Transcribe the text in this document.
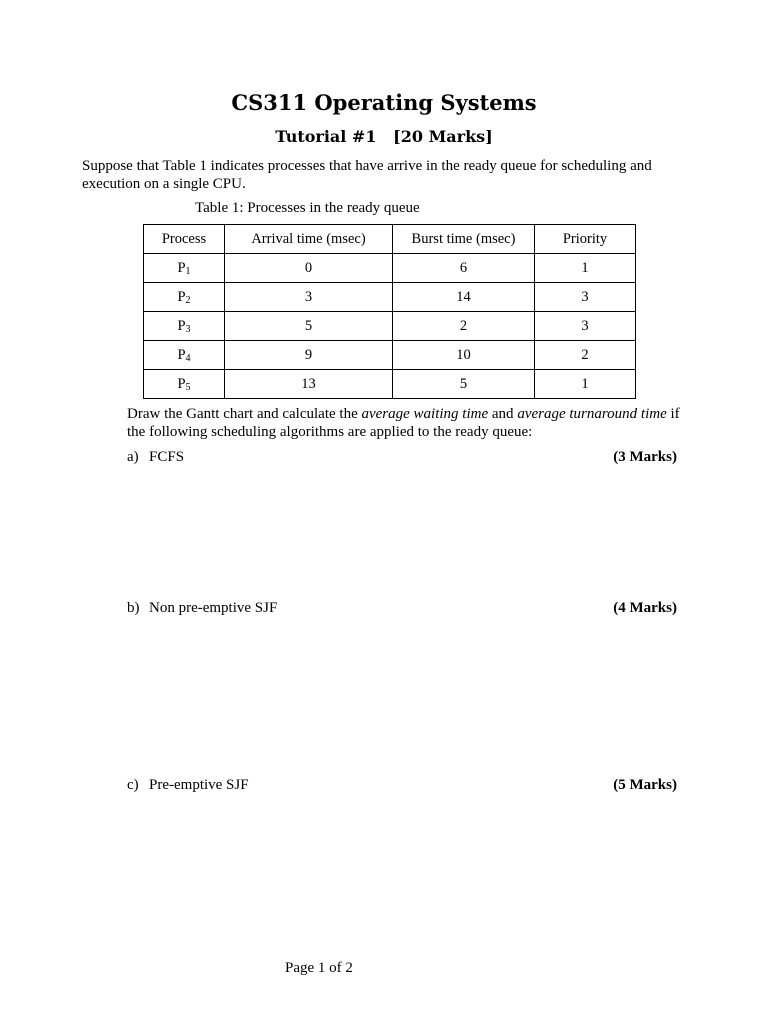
CS311 Operating Systems

Tutorial #1   [20 Marks]

Suppose that Table 1 indicates processes that have arrive in the ready queue for scheduling and execution on a single CPU.

Table 1: Processes in the ready queue

Process	Arrival time (msec)	Burst time (msec)	Priority
$P_1$	0	6	1
$P_2$	3	14	3
$P_3$	5	2	3
$P_4$	9	10	2
$P_5$	13	5	1

Draw the Gantt chart and calculate the average waiting time and average turnaround time if the following scheduling algorithms are applied to the ready queue:

a) FCFS	(3 Marks)
b) Non pre-emptive SJF	(4 Marks)
c) Pre-emptive SJF	(5 Marks)

Page 1 of 2
